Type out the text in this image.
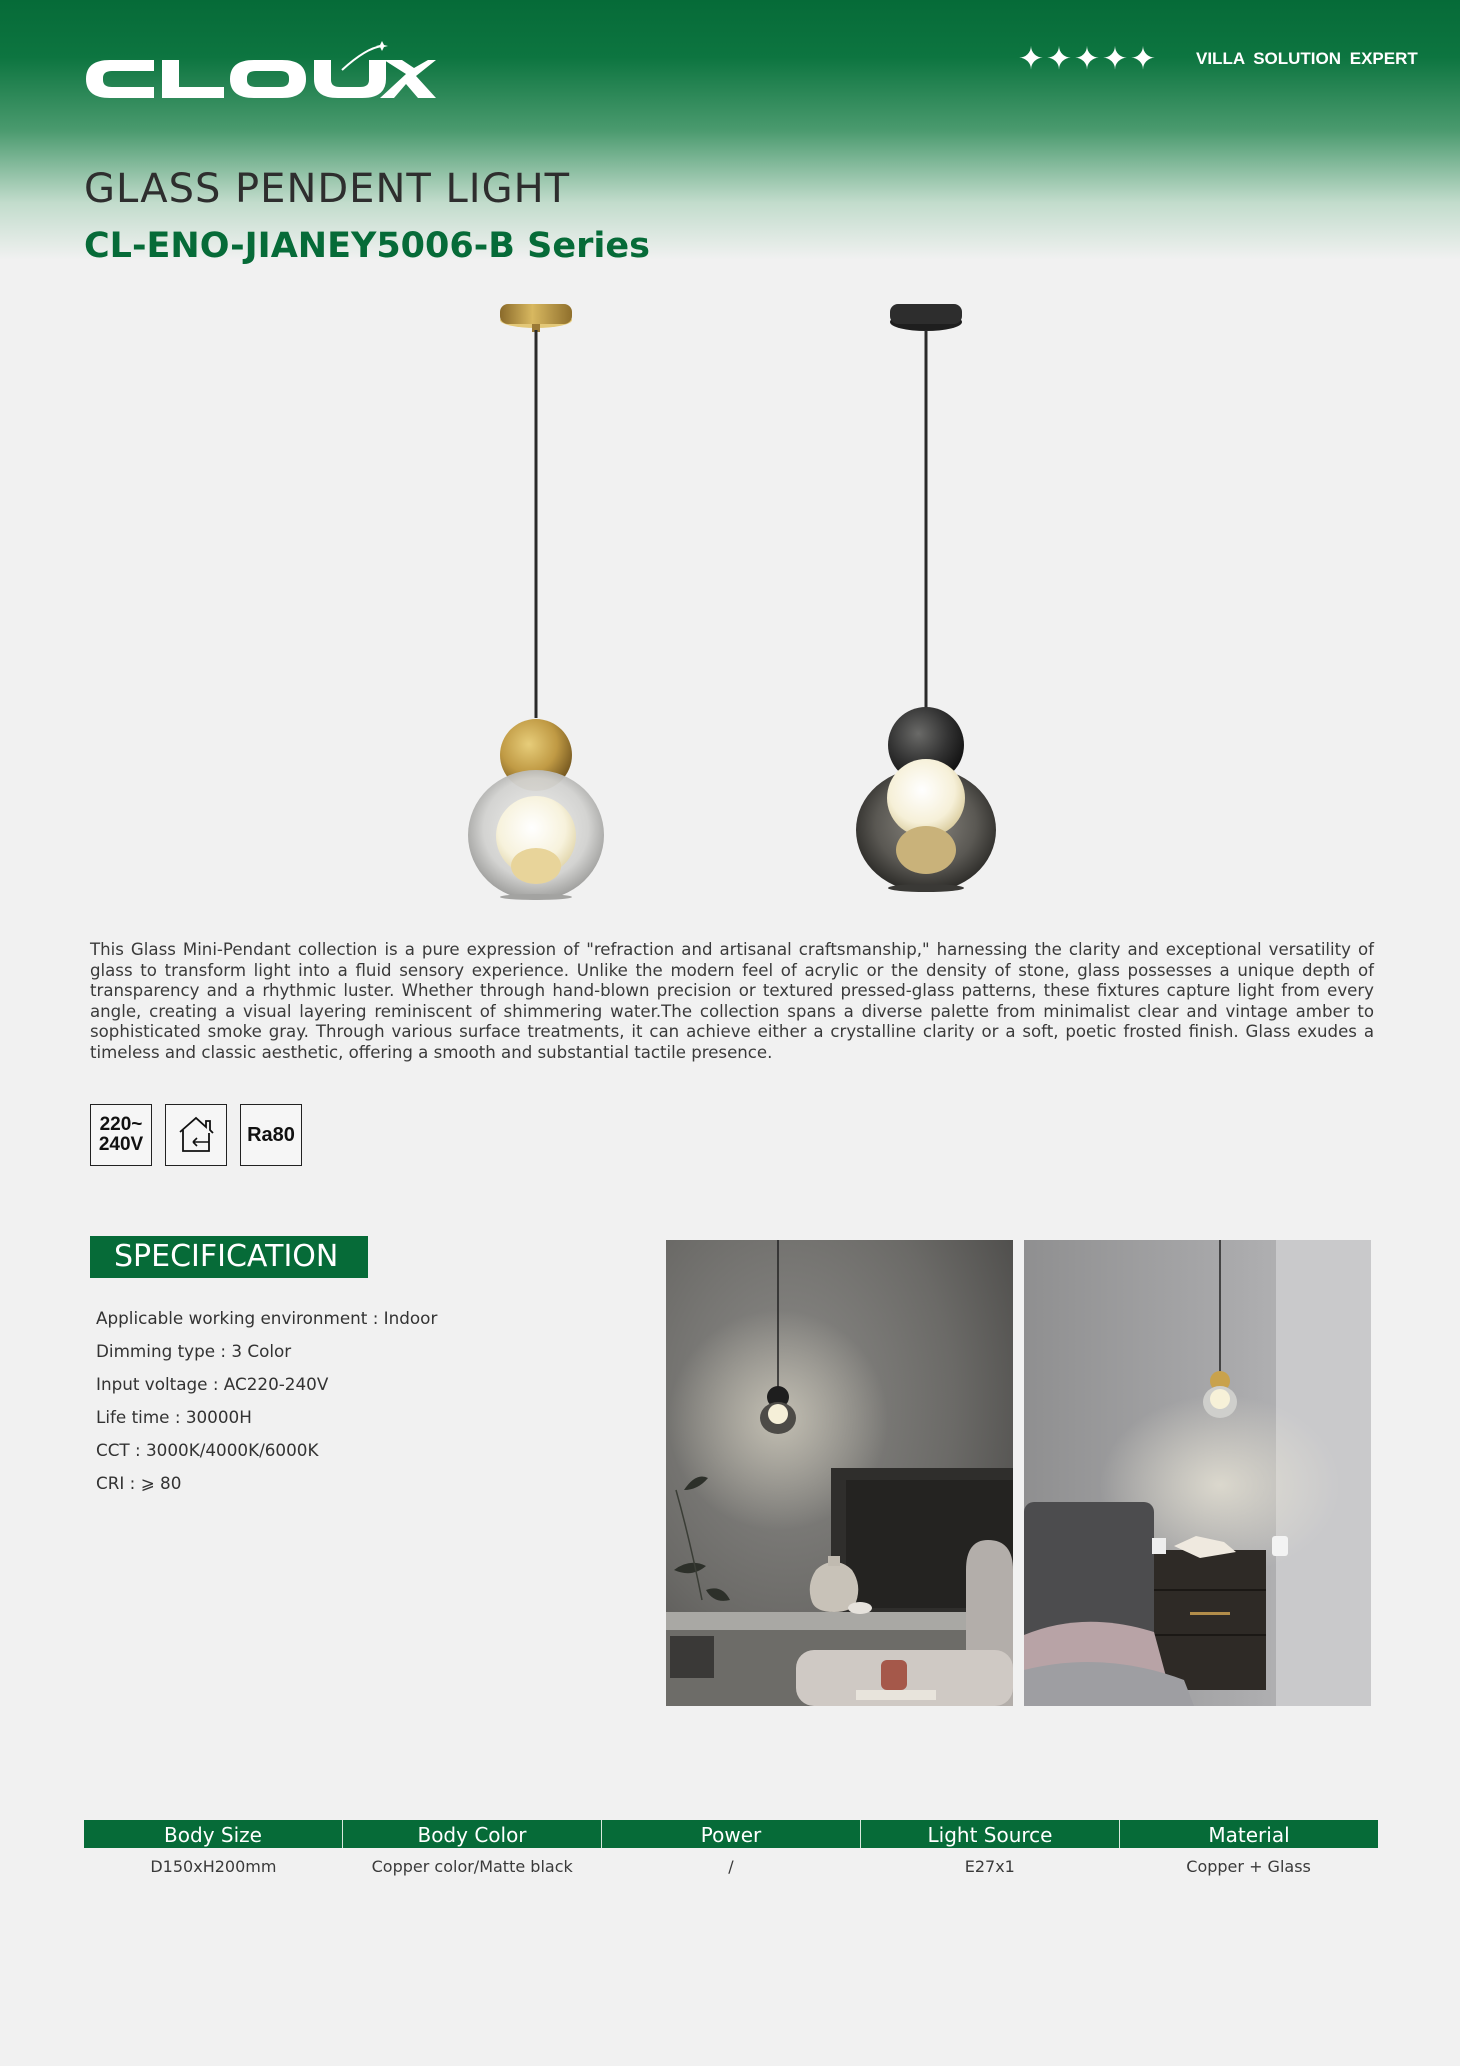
✦ ✦ ✦ ✦ ✦ VILLA SOLUTION EXPERT
GLASS PENDENT LIGHT
CL-ENO-JIANEY5006-B Series

This Glass Mini-Pendant collection is a pure expression of "refraction and artisanal craftsmanship," harnessing the clarity and exceptional versatility of glass to transform light into a fluid sensory experience. Unlike the modern feel of acrylic or the density of stone, glass possesses a unique depth of transparency and a rhythmic luster. Whether through hand-blown precision or textured pressed-glass patterns, these fixtures capture light from every angle, creating a visual layering reminiscent of shimmering water.The collection spans a diverse palette from minimalist clear and vintage amber to sophisticated smoke gray. Through various surface treatments, it can achieve either a crystalline clarity or a soft, poetic frosted finish. Glass exudes a timeless and classic aesthetic, offering a smooth and substantial tactile presence.

220~
240V	Ra80
SPECIFICATION
Applicable working environment : Indoor
Dimming type : 3 Color
Input voltage : AC220-240V
Life time : 30000H
CCT : 3000K/4000K/6000K
CRI : ⩾ 80
Body Size	Body Color	Power	Light Source	Material
D150xH200mm	Copper color/Matte black	/	E27x1	Copper + Glass
